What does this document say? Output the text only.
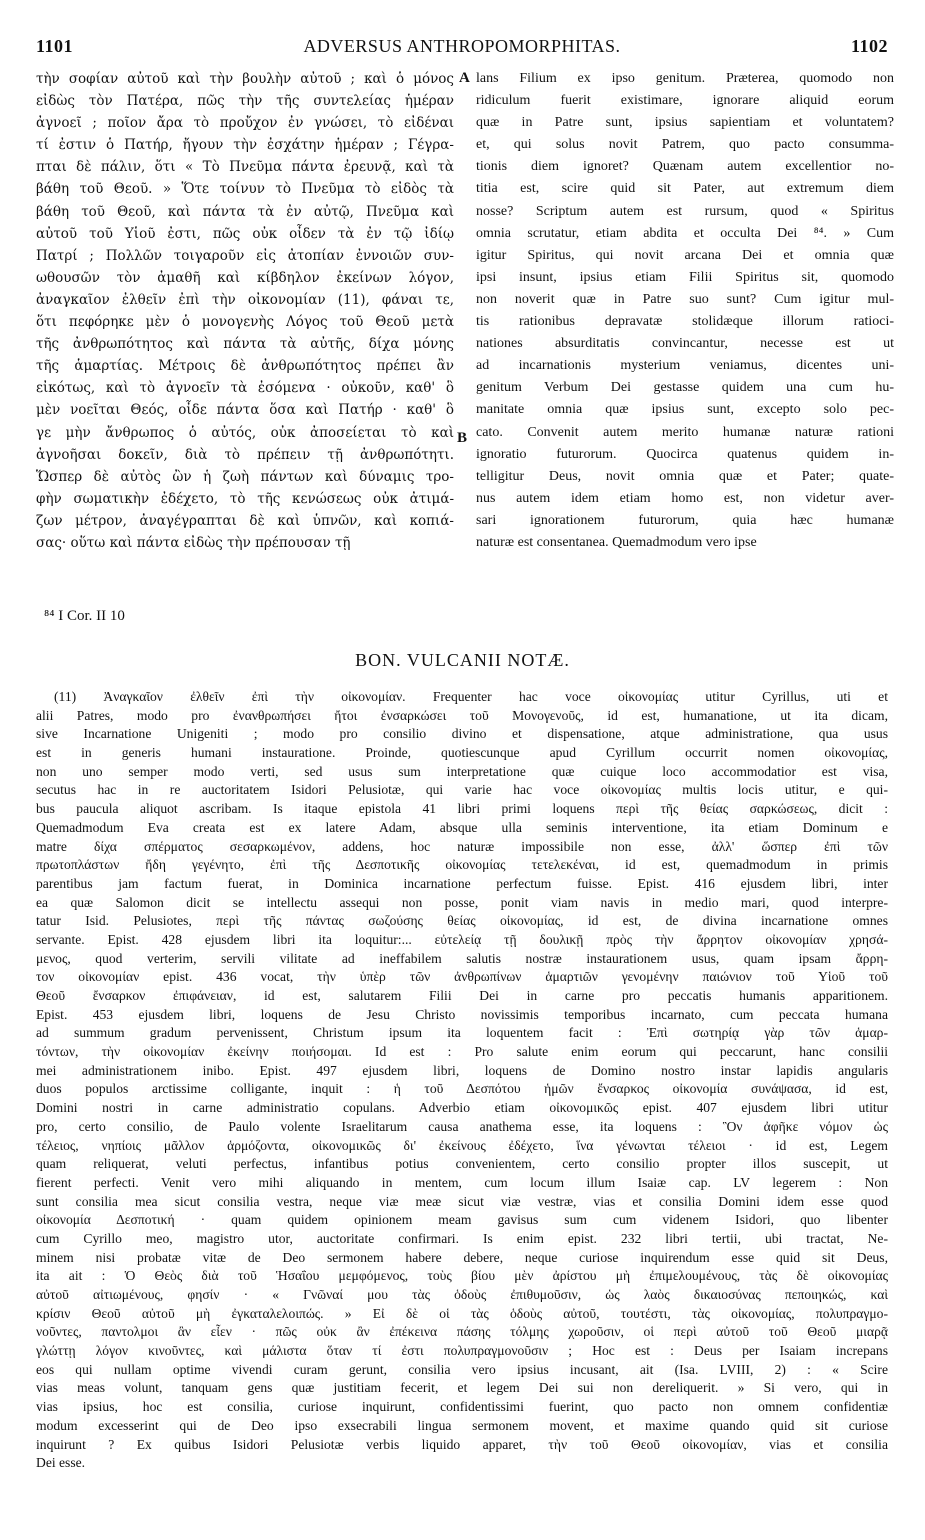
1101	ADVERSUS ANTHROPOMORPHITAS.	1102
τὴν σοφίαν αὐτοῦ καὶ τὴν βουλὴν αὐτοῦ ; καὶ ὁ μόνος
εἰδὼς τὸν Πατέρα, πῶς τὴν τῆς συντελείας ἡμέραν
ἀγνοεῖ ; ποῖον ἄρα τὸ προὔχον ἐν γνώσει, τὸ εἰδέναι
τί ἐστιν ὁ Πατήρ, ἤγουν τὴν ἐσχάτην ἡμέραν ; Γέγρα-
πται δὲ πάλιν, ὅτι « Τὸ Πνεῦμα πάντα ἐρευνᾷ, καὶ τὰ
βάθη τοῦ Θεοῦ. » Ὅτε τοίνυν τὸ Πνεῦμα τὸ εἰδὸς τὰ
βάθη τοῦ Θεοῦ, καὶ πάντα τὰ ἐν αὐτῷ, Πνεῦμα καὶ
αὐτοῦ τοῦ Υἱοῦ ἐστι, πῶς οὐκ οἶδεν τὰ ἐν τῷ ἰδίῳ
Πατρί ; Πολλῶν τοιγαροῦν εἰς ἀτοπίαν ἐννοιῶν συν-
ωθουσῶν τὸν ἀμαθῆ καὶ κίβδηλον ἐκείνων λόγον,
ἀναγκαῖον ἐλθεῖν ἐπὶ τὴν οἰκονομίαν (11), φάναι τε,
ὅτι πεφόρηκε μὲν ὁ μονογενὴς Λόγος τοῦ Θεοῦ μετὰ
τῆς ἀνθρωπότητος καὶ πάντα τὰ αὐτῆς, δίχα μόνης
τῆς ἁμαρτίας. Μέτροις δὲ ἀνθρωπότητος πρέπει ἂν
εἰκότως, καὶ τὸ ἀγνοεῖν τὰ ἐσόμενα · οὐκοῦν, καθ' ὃ
μὲν νοεῖται Θεός, οἶδε πάντα ὅσα καὶ Πατήρ · καθ' ὃ
γε μὴν ἄνθρωπος ὁ αὐτός, οὐκ ἀποσείεται τὸ καὶ
ἀγνοῆσαι δοκεῖν, διὰ τὸ πρέπειν τῇ ἀνθρωπότητι.
Ὥσπερ δὲ αὐτὸς ὢν ἡ ζωὴ πάντων καὶ δύναμις τρο-
φὴν σωματικὴν ἐδέχετο, τὸ τῆς κενώσεως οὐκ ἀτιμά-
ζων μέτρον, ἀναγέγραπται δὲ καὶ ὑπνῶν, καὶ κοπιά-
σας· οὕτω καὶ πάντα εἰδὼς τὴν πρέπουσαν τῇ
A
B
lans Filium ex ipso genitum. Præterea, quomodo non
ridiculum fuerit existimare, ignorare aliquid eorum
quæ in Patre sunt, ipsius sapientiam et voluntatem?
et, qui solus novit Patrem, quo pacto consumma-
tionis diem ignoret? Quænam autem excellentior no-
titia est, scire quid sit Pater, aut extremum diem
nosse? Scriptum autem est rursum, quod « Spiritus
omnia scrutatur, etiam abdita et occulta Dei ⁸⁴. » Cum
igitur Spiritus, qui novit arcana Dei et omnia quæ
ipsi insunt, ipsius etiam Filii Spiritus sit, quomodo
non noverit quæ in Patre suo sunt? Cum igitur mul-
tis rationibus depravatæ stolidæque illorum ratioci-
nationes absurditatis convincantur, necesse est ut
ad incarnationis mysterium veniamus, dicentes uni-
genitum Verbum Dei gestasse quidem una cum hu-
manitate omnia quæ ipsius sunt, excepto solo pec-
cato. Convenit autem merito humanæ naturæ rationi
ignoratio futurorum. Quocirca quatenus quidem in-
telligitur Deus, novit omnia quæ et Pater; quate-
nus autem idem etiam homo est, non videtur aver-
sari ignorationem futurorum, quia hæc humanæ
naturæ est consentanea. Quemadmodum vero ipse
⁸⁴ I Cor. II 10
BON. VULCANII NOTÆ.
(11) Ἀναγκαῖον ἐλθεῖν ἐπὶ τὴν οἰκονομίαν. Frequenter hac voce οἰκονομίας utitur Cyrillus, uti et
alii Patres, modo pro ἐνανθρωπήσει ἤτοι ἐνσαρκώσει τοῦ Μονογενοῦς, id est, humanatione, ut ita dicam,
sive Incarnatione Unigeniti ; modo pro consilio divino et dispensatione, atque administratione, qua usus
est in generis humani instauratione. Proinde, quotiescunque apud Cyrillum occurrit nomen οἰκονομίας,
non uno semper modo verti, sed usus sum interpretatione quæ cuique loco accommodatior est visa,
secutus hac in re auctoritatem Isidori Pelusiotæ, qui varie hac voce οἰκονομίας multis locis utitur, e qui-
bus paucula aliquot ascribam. Is itaque epistola 41 libri primi loquens περὶ τῆς θείας σαρκώσεως, dicit :
Quemadmodum Eva creata est ex latere Adam, absque ulla seminis interventione, ita etiam Dominum e
matre δίχα σπέρματος σεσαρκωμένον, addens, hoc naturæ impossibile non esse, ἀλλ' ὥσπερ ἐπὶ τῶν
πρωτοπλάστων ἤδη γεγένητο, ἐπὶ τῆς Δεσποτικῆς οἰκονομίας τετελεκέναι, id est, quemadmodum in primis
parentibus jam factum fuerat, in Dominica incarnatione perfectum fuisse. Epist. 416 ejusdem libri, inter
ea quæ Salomon dicit se intellectu assequi non posse, ponit viam navis in medio mari, quod interpre-
tatur Isid. Pelusiotes, περὶ τῆς πάντας σωζούσης θείας οἰκονομίας, id est, de divina incarnatione omnes
servante. Epist. 428 ejusdem libri ita loquitur:... εὐτελείᾳ τῇ δουλικῇ πρὸς τὴν ἄρρητον οἰκονομίαν χρησά-
μενος, quod verterim, servili vilitate ad ineffabilem salutis nostræ instaurationem usus, quam ipsam ἄρρη-
τον οἰκονομίαν epist. 436 vocat, τὴν ὑπὲρ τῶν ἀνθρωπίνων ἁμαρτιῶν γενομένην παιώνιον τοῦ Υἱοῦ τοῦ
Θεοῦ ἔνσαρκον ἐπιφάνειαν, id est, salutarem Filii Dei in carne pro peccatis humanis apparitionem.
Epist. 453 ejusdem libri, loquens de Jesu Christo novissimis temporibus incarnato, cum peccata humana
ad summum gradum pervenissent, Christum ipsum ita loquentem facit : Ἐπὶ σωτηρίᾳ γὰρ τῶν ἁμαρ-
τόντων, τὴν οἰκονομίαν ἐκείνην ποιήσομαι. Id est : Pro salute enim eorum qui peccarunt, hanc consilii
mei administrationem inibo. Epist. 497 ejusdem libri, loquens de Domino nostro instar lapidis angularis
duos populos arctissime colligante, inquit : ἡ τοῦ Δεσπότου ἡμῶν ἔνσαρκος οἰκονομία συνάψασα, id est,
Domini nostri in carne administratio copulans. Adverbio etiam οἰκονομικῶς epist. 407 ejusdem libri utitur
pro, certo consilio, de Paulo volente Israelitarum causa anathema esse, ita loquens : Ὃν ἀφῆκε νόμον ὡς
τέλειος, νηπίοις μᾶλλον ἁρμόζοντα, οἰκονομικῶς δι' ἐκείνους ἐδέχετο, ἵνα γένωνται τέλειοι · id est, Legem
quam reliquerat, veluti perfectus, infantibus potius convenientem, certo consilio propter illos suscepit, ut
fierent perfecti. Venit vero mihi aliquando in mentem, cum locum illum Isaiæ cap. LV legerem : Non
sunt consilia mea sicut consilia vestra, neque viæ meæ sicut viæ vestræ, vias et consilia Domini idem esse quod
οἰκονομία Δεσποτική · quam quidem opinionem meam gavisus sum cum videnem Isidori, quo libenter
cum Cyrillo meo, magistro utor, auctoritate confirmari. Is enim epist. 232 libri tertii, ubi tractat, Ne-
minem nisi probatæ vitæ de Deo sermonem habere debere, neque curiose inquirendum esse quid sit Deus,
ita ait : Ὁ Θεὸς διὰ τοῦ Ἡσαΐου μεμφόμενος, τοὺς βίου μὲν ἀρίστου μὴ ἐπιμελουμένους, τὰς δὲ οἰκονομίας
αὐτοῦ αἰτιωμένους, φησίν · « Γνῶναί μου τὰς ὁδοὺς ἐπιθυμοῦσιν, ὡς λαὸς δικαιοσύνας πεποιηκώς, καὶ
κρίσιν Θεοῦ αὐτοῦ μὴ ἐγκαταλελοιπώς. » Εἰ δὲ οἱ τὰς ὁδοὺς αὐτοῦ, τουτέστι, τὰς οἰκονομίας, πολυπραγμο-
νοῦντες, παντολμοι ἂν εἶεν · πῶς οὐκ ἂν ἐπέκεινα πάσης τόλμης χωροῦσιν, οἱ περὶ αὐτοῦ τοῦ Θεοῦ μιαρᾷ
γλώττῃ λόγον κινοῦντες, καὶ μάλιστα ὅταν τί ἐστι πολυπραγμονοῦσιν ; Hoc est : Deus per Isaiam increpans
eos qui nullam optime vivendi curam gerunt, consilia vero ipsius incusant, ait (Isa. LVIII, 2) : « Scire
vias meas volunt, tanquam gens quæ justitiam fecerit, et legem Dei sui non dereliquerit. » Si vero, qui in
vias ipsius, hoc est consilia, curiose inquirunt, confidentissimi fuerint, quo pacto non omnem confidentiæ
modum excesserint qui de Deo ipso exsecrabili lingua sermonem movent, et maxime quando quid sit curiose
inquirunt ? Ex quibus Isidori Pelusiotæ verbis liquido apparet, τὴν τοῦ Θεοῦ οἰκονομίαν, vias et consilia
Dei esse.
